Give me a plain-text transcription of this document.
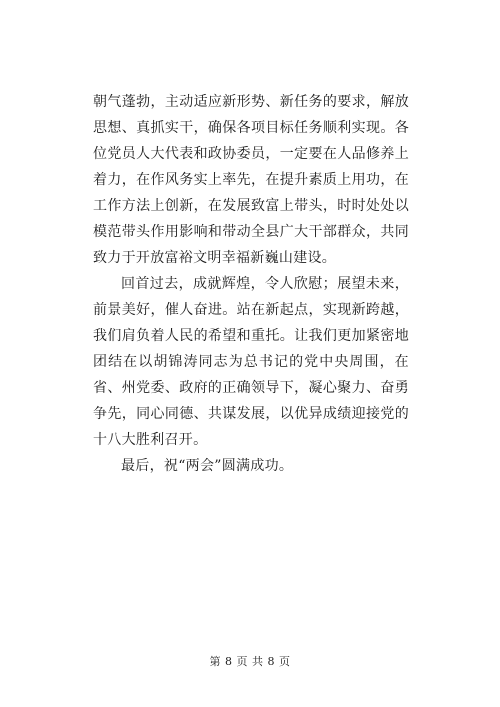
朝气蓬勃，主动适应新形势、新任务的要求，解放思想、真抓实干，确保各项目标任务顺利实现。各位党员人大代表和政协委员，一定要在人品修养上着力，在作风务实上率先，在提升素质上用功，在工作方法上创新，在发展致富上带头，时时处处以模范带头作用影响和带动全县广大干部群众，共同致力于开放富裕文明幸福新巍山建设。

回首过去，成就辉煌，令人欣慰；展望未来，前景美好，催人奋进。站在新起点，实现新跨越，我们肩负着人民的希望和重托。让我们更加紧密地团结在以胡锦涛同志为总书记的党中央周围，在省、州党委、政府的正确领导下，凝心聚力、奋勇争先，同心同德、共谋发展，以优异成绩迎接党的十八大胜利召开。

最后，祝“两会”圆满成功。

第 8 页 共 8 页
